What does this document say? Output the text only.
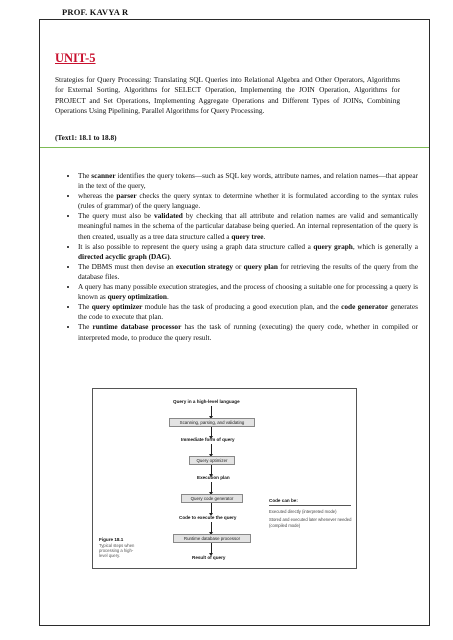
PROF. KAVYA R
UNIT-5
Strategies for Query Processing: Translating SQL Queries into Relational Algebra and Other Operators, Algorithms for External Sorting, Algorithms for SELECT Operation, Implementing the JOIN Operation, Algorithms for PROJECT and Set Operations, Implementing Aggregate Operations and Different Types of JOINs, Combining Operations Using Pipelining, Parallel Algorithms for Query Processing.
(Text1: 18.1 to 18.8)
• The scanner identifies the query tokens—such as SQL key words, attribute names, and relation names—that appear in the text of the query,
• whereas the parser checks the query syntax to determine whether it is formulated according to the syntax rules (rules of grammar) of the query language.
• The query must also be validated by checking that all attribute and relation names are valid and semantically meaningful names in the schema of the particular database being queried. An internal representation of the query is then created, usually as a tree data structure called a query tree.
• It is also possible to represent the query using a graph data structure called a query graph, which is generally a directed acyclic graph (DAG).
• The DBMS must then devise an execution strategy or query plan for retrieving the results of the query from the database files.
• A query has many possible execution strategies, and the process of choosing a suitable one for processing a query is known as query optimization.
• The query optimizer module has the task of producing a good execution plan, and the code generator generates the code to execute that plan.
• The runtime database processor has the task of running (executing) the query code, whether in compiled or interpreted mode, to produce the query result.
Query in a high-level language
Scanning, parsing, and validating
Immediate form of query
Query optimizer
Execution plan
Query code generator
Code to execute the query
Runtime database processor
Result of query
Code can be:
Executed directly (interpreted mode)
Stored and executed later whenever needed (compiled mode)
Figure 18.1
Typical steps when processing a high-level query.
